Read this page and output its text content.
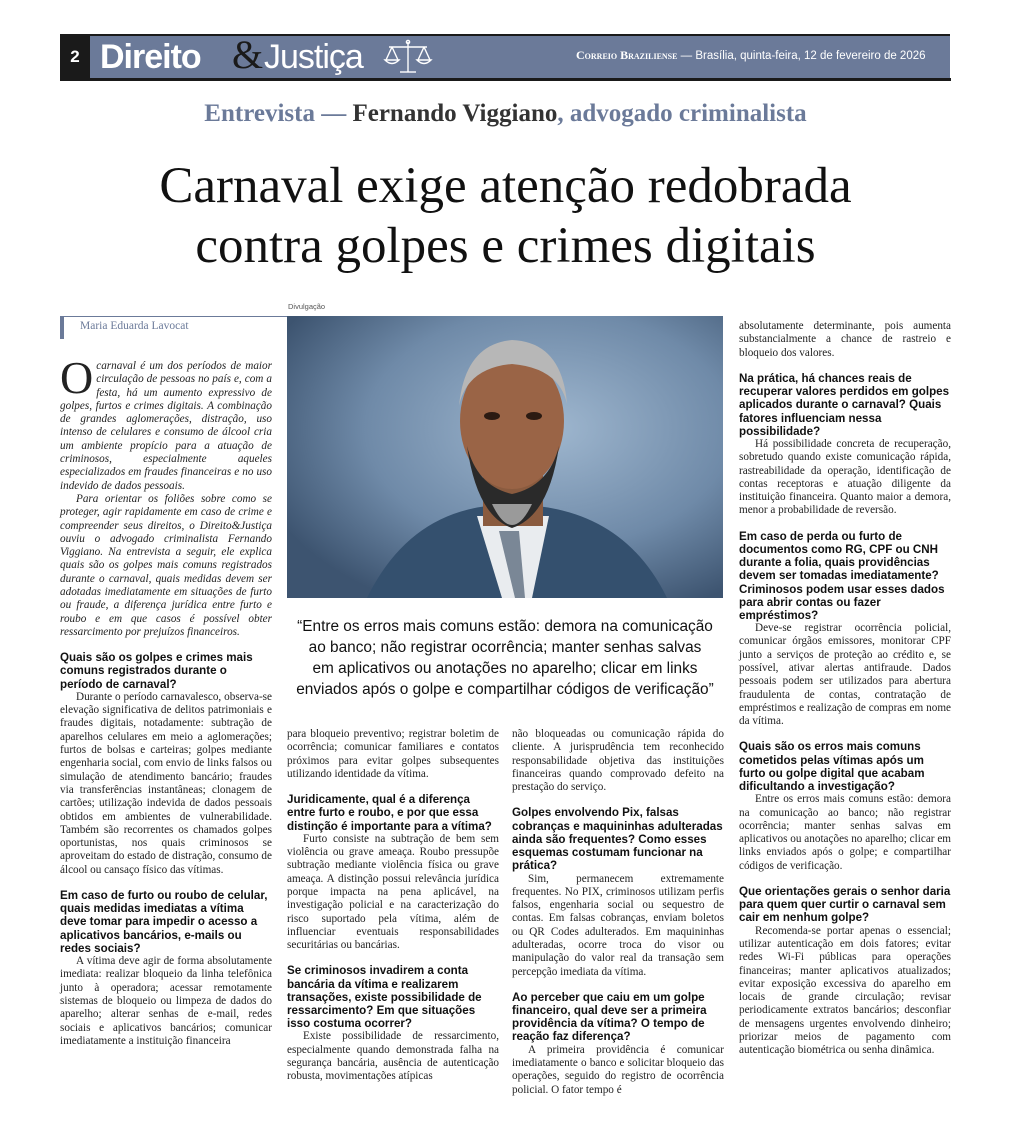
2 Direito & Justiça	Correio Braziliense — Brasília, quinta-feira, 12 de fevereiro de 2026
Entrevista — Fernando Viggiano, advogado criminalista
Carnaval exige atenção redobrada
contra golpes e crimes digitais
Maria Eduarda Lavocat
Divulgação
“Entre os erros mais comuns estão: demora na comunicação
ao banco; não registrar ocorrência; manter senhas salvas
em aplicativos ou anotações no aparelho; clicar em links
enviados após o golpe e compartilhar códigos de verificação”

Ocarnaval é um dos períodos de maior circulação de pessoas no país e, com a festa, há um aumento expressivo de golpes, furtos e crimes digitais. A combinação de grandes aglomerações, distração, uso intenso de celulares e consumo de álcool cria um ambiente propício para a atuação de criminosos, especialmente aqueles especializados em fraudes financeiras e no uso indevido de dados pessoais.

Para orientar os foliões sobre como se proteger, agir rapidamente em caso de crime e compreender seus direitos, o Direito&Justiça ouviu o advogado criminalista Fernando Viggiano. Na entrevista a seguir, ele explica quais são os golpes mais comuns registrados durante o carnaval, quais medidas devem ser adotadas imediatamente em situações de furto ou fraude, a diferença jurídica entre furto e roubo e em que casos é possível obter ressarcimento por prejuízos financeiros.

Quais são os golpes e crimes mais comuns registrados durante o período de carnaval?

Durante o período carnavalesco, observa-se elevação significativa de delitos patrimoniais e fraudes digitais, notadamente: subtração de aparelhos celulares em meio a aglomerações; furtos de bolsas e carteiras; golpes mediante engenharia social, com envio de links falsos ou simulação de atendimento bancário; fraudes via transferências instantâneas; clonagem de cartões; utilização indevida de dados pessoais obtidos em ambientes de vulnerabilidade. Também são recorrentes os chamados golpes oportunistas, nos quais criminosos se aproveitam do estado de distração, consumo de álcool ou cansaço físico das vítimas.

Em caso de furto ou roubo de celular, quais medidas imediatas a vítima deve tomar para impedir o acesso a aplicativos bancários, e-mails ou redes sociais?

A vítima deve agir de forma absolutamente imediata: realizar bloqueio da linha telefônica junto à operadora; acessar remotamente sistemas de bloqueio ou limpeza de dados do aparelho; alterar senhas de e-mail, redes sociais e aplicativos bancários; comunicar imediatamente a instituição financeira

para bloqueio preventivo; registrar boletim de ocorrência; comunicar familiares e contatos próximos para evitar golpes subsequentes utilizando identidade da vítima.

Juridicamente, qual é a diferença entre furto e roubo, e por que essa distinção é importante para a vítima?

Furto consiste na subtração de bem sem violência ou grave ameaça. Roubo pressupõe subtração mediante violência física ou grave ameaça. A distinção possui relevância jurídica porque impacta na pena aplicável, na investigação policial e na caracterização do risco suportado pela vítima, além de influenciar eventuais responsabilidades securitárias ou bancárias.

Se criminosos invadirem a conta bancária da vítima e realizarem transações, existe possibilidade de ressarcimento? Em que situações isso costuma ocorrer?

Existe possibilidade de ressarcimento, especialmente quando demonstrada falha na segurança bancária, ausência de autenticação robusta, movimentações atípicas

não bloqueadas ou comunicação rápida do cliente. A jurisprudência tem reconhecido responsabilidade objetiva das instituições financeiras quando comprovado defeito na prestação do serviço.

Golpes envolvendo Pix, falsas cobranças e maquininhas adulteradas ainda são frequentes? Como esses esquemas costumam funcionar na prática?

Sim, permanecem extremamente frequentes. No PIX, criminosos utilizam perfis falsos, engenharia social ou sequestro de contas. Em falsas cobranças, enviam boletos ou QR Codes adulterados. Em maquininhas adulteradas, ocorre troca do visor ou manipulação do valor real da transação sem percepção imediata da vítima.

Ao perceber que caiu em um golpe financeiro, qual deve ser a primeira providência da vítima? O tempo de reação faz diferença?

A primeira providência é comunicar imediatamente o banco e solicitar bloqueio das operações, seguido do registro de ocorrência policial. O fator tempo é

absolutamente determinante, pois aumenta substancialmente a chance de rastreio e bloqueio dos valores.

Na prática, há chances reais de recuperar valores perdidos em golpes aplicados durante o carnaval? Quais fatores influenciam nessa possibilidade?

Há possibilidade concreta de recuperação, sobretudo quando existe comunicação rápida, rastreabilidade da operação, identificação de contas receptoras e atuação diligente da instituição financeira. Quanto maior a demora, menor a probabilidade de reversão.

Em caso de perda ou furto de documentos como RG, CPF ou CNH durante a folia, quais providências devem ser tomadas imediatamente? Criminosos podem usar esses dados para abrir contas ou fazer empréstimos?

Deve-se registrar ocorrência policial, comunicar órgãos emissores, monitorar CPF junto a serviços de proteção ao crédito e, se possível, ativar alertas antifraude. Dados pessoais podem ser utilizados para abertura fraudulenta de contas, contratação de empréstimos e realização de compras em nome da vítima.

Quais são os erros mais comuns cometidos pelas vítimas após um furto ou golpe digital que acabam dificultando a investigação?

Entre os erros mais comuns estão: demora na comunicação ao banco; não registrar ocorrência; manter senhas salvas em aplicativos ou anotações no aparelho; clicar em links enviados após o golpe; e compartilhar códigos de verificação.

Que orientações gerais o senhor daria para quem quer curtir o carnaval sem cair em nenhum golpe?

Recomenda-se portar apenas o essencial; utilizar autenticação em dois fatores; evitar redes Wi-Fi públicas para operações financeiras; manter aplicativos atualizados; evitar exposição excessiva do aparelho em locais de grande circulação; revisar periodicamente extratos bancários; desconfiar de mensagens urgentes envolvendo dinheiro; priorizar meios de pagamento com autenticação biométrica ou senha dinâmica.
